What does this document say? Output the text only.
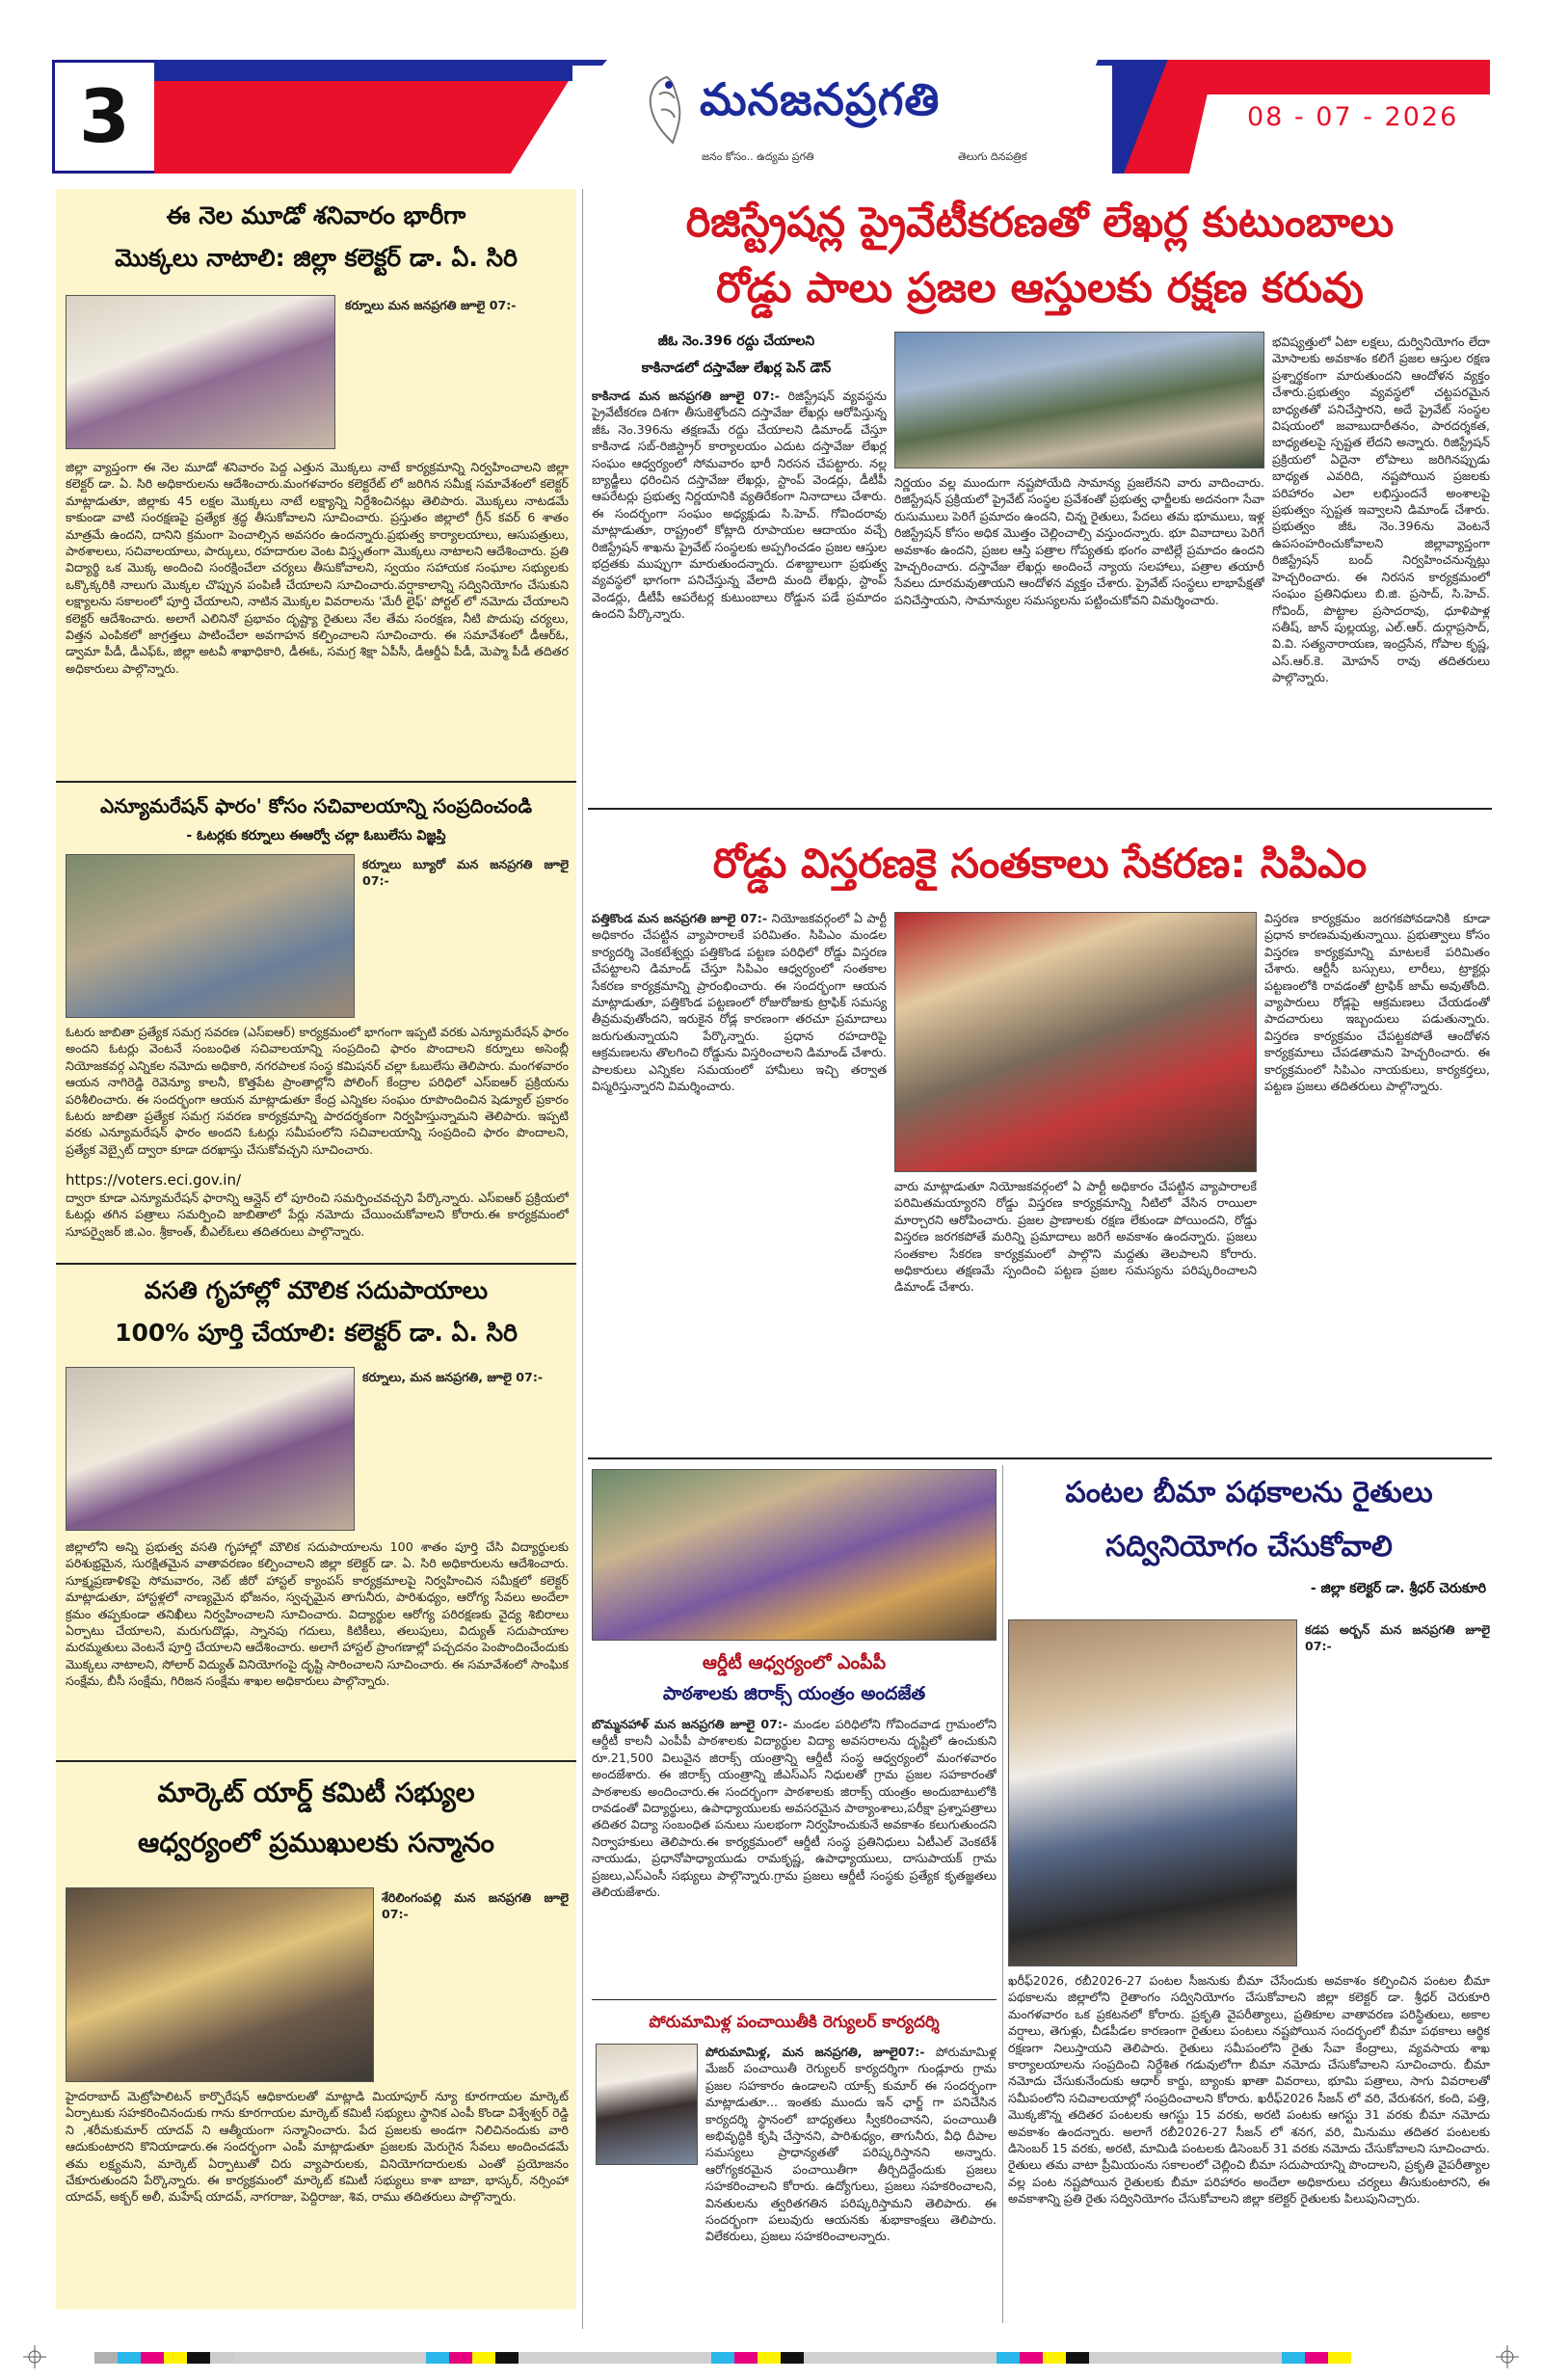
3	మనజనప్రగతి
జనం కోసం.. ఉద్యమ ప్రగతి	తెలుగు దినపత్రిక
08 - 07 - 2026
ఈ నెల మూడో శనివారం భారీగా
మొక్కలు నాటాలి: జిల్లా కలెక్టర్ డా. ఏ. సిరి
కర్నూలు మన జనప్రగతి జూలై 07:-
జిల్లా వ్యాప్తంగా ఈ నెల మూడో శనివారం పెద్ద ఎత్తున మొక్కలు నాటే కార్యక్రమాన్ని నిర్వహించాలని జిల్లా కలెక్టర్ డా. ఏ. సిరి అధికారులను ఆదేశించారు.మంగళవారం కలెక్టరేట్ లో జరిగిన సమీక్ష సమావేశంలో కలెక్టర్ మాట్లాడుతూ, జిల్లాకు 45 లక్షల మొక్కలు నాటే లక్ష్యాన్ని నిర్దేశించినట్లు తెలిపారు. మొక్కలు నాటడమే కాకుండా వాటి సంరక్షణపై ప్రత్యేక శ్రద్ధ తీసుకోవాలని సూచించారు. ప్రస్తుతం జిల్లాలో గ్రీన్ కవర్ 6 శాతం మాత్రమే ఉందని, దానిని క్రమంగా పెంచాల్సిన అవసరం ఉందన్నారు.ప్రభుత్వ కార్యాలయాలు, ఆసుపత్రులు, పాఠశాలలు, సచివాలయాలు, పార్కులు, రహదారుల వెంట విస్తృతంగా మొక్కలు నాటాలని ఆదేశించారు. ప్రతి విద్యార్థి ఒక మొక్క అందించి సంరక్షించేలా చర్యలు తీసుకోవాలని, స్వయం సహాయక సంఘాల సభ్యులకు ఒక్కొక్కరికి నాలుగు మొక్కల చొప్పున పంపిణీ చేయాలని సూచించారు.వర్షాకాలాన్ని సద్వినియోగం చేసుకుని లక్ష్యాలను సకాలంలో పూర్తి చేయాలని, నాటిన మొక్కల వివరాలను 'మేరీ లైఫ్' పోర్టల్ లో నమోదు చేయాలని కలెక్టర్ ఆదేశించారు. అలాగే ఎలినినో ప్రభావం దృష్ట్యా రైతులు నేల తేమ సంరక్షణ, నీటి పొదుపు చర్యలు, విత్తన ఎంపికలో జాగ్రత్తలు పాటించేలా అవగాహన కల్పించాలని సూచించారు. ఈ సమావేశంలో డీఆర్ఓ, డ్వామా పీడీ, డీఎఫ్ఓ, జిల్లా అటవీ శాఖాధికారి, డీఈఓ, సమగ్ర శిక్షా ఏపీసీ, డీఆర్డీఏ పీడీ, మెప్మా పీడీ తదితర అధికారులు పాల్గొన్నారు.
ఎన్యూమరేషన్ ఫారం' కోసం సచివాలయాన్ని సంప్రదించండి
- ఓటర్లకు కర్నూలు ఈఆర్వో చల్లా ఓబులేసు విజ్ఞప్తి
కర్నూలు బ్యూరో మన జనప్రగతి జూలై 07:-
ఓటరు జాబితా ప్రత్యేక సమగ్ర సవరణ (ఎస్ఐఆర్) కార్యక్రమంలో భాగంగా ఇప్పటి వరకు ఎన్యూమరేషన్ ఫారం అందని ఓటర్లు వెంటనే సంబంధిత సచివాలయాన్ని సంప్రదించి ఫారం పొందాలని కర్నూలు అసెంబ్లీ నియోజకవర్గ ఎన్నికల నమోదు అధికారి, నగరపాలక సంస్థ కమిషనర్ చల్లా ఓబులేసు తెలిపారు. మంగళవారం ఆయన నాగిరెడ్డి రెవెన్యూ కాలనీ, కొత్తపేట ప్రాంతాల్లోని పోలింగ్ కేంద్రాల పరిధిలో ఎస్ఐఆర్ ప్రక్రియను పరిశీలించారు. ఈ సందర్భంగా ఆయన మాట్లాడుతూ కేంద్ర ఎన్నికల సంఘం రూపొందించిన షెడ్యూల్ ప్రకారం ఓటరు జాబితా ప్రత్యేక సమగ్ర సవరణ కార్యక్రమాన్ని పారదర్శకంగా నిర్వహిస్తున్నామని తెలిపారు. ఇప్పటి వరకు ఎన్యూమరేషన్ ఫారం అందని ఓటర్లు సమీపంలోని సచివాలయాన్ని సంప్రదించి ఫారం పొందాలని, ప్రత్యేక వెబ్సైట్ ద్వారా కూడా దరఖాస్తు చేసుకోవచ్చని సూచించారు.
https://voters.eci.gov.in/
ద్వారా కూడా ఎన్యూమరేషన్ ఫారాన్ని ఆన్లైన్ లో పూరించి సమర్పించవచ్చని పేర్కొన్నారు. ఎస్ఐఆర్ ప్రక్రియలో ఓటర్లు తగిన పత్రాలు సమర్పించి జాబితాలో పేర్లు నమోదు చేయించుకోవాలని కోరారు.ఈ కార్యక్రమంలో సూపర్వైజర్ జి.ఎం. శ్రీకాంత్, బీఎల్ఓలు తదితరులు పాల్గొన్నారు.
వసతి గృహాల్లో మౌలిక సదుపాయాలు
100% పూర్తి చేయాలి: కలెక్టర్ డా. ఏ. సిరి
కర్నూలు, మన జనప్రగతి, జూలై 07:-
జిల్లాలోని అన్ని ప్రభుత్వ వసతి గృహాల్లో మౌలిక సదుపాయాలను 100 శాతం పూర్తి చేసి విద్యార్థులకు పరిశుభ్రమైన, సురక్షితమైన వాతావరణం కల్పించాలని జిల్లా కలెక్టర్ డా. ఏ. సిరి అధికారులను ఆదేశించారు. సూక్ష్మప్రణాళికపై సోమవారం, నెట్ జీరో హాస్టల్ క్యాంపస్ కార్యక్రమాలపై నిర్వహించిన సమీక్షలో కలెక్టర్ మాట్లాడుతూ, హాస్టళ్లలో నాణ్యమైన భోజనం, స్వచ్ఛమైన తాగునీరు, పారిశుధ్యం, ఆరోగ్య సేవలు అందేలా క్రమం తప్పకుండా తనిఖీలు నిర్వహించాలని సూచించారు. విద్యార్థుల ఆరోగ్య పరిరక్షణకు వైద్య శిబిరాలు ఏర్పాటు చేయాలని, మరుగుదొడ్లు, స్నానపు గదులు, కిటికీలు, తలుపులు, విద్యుత్ సదుపాయాల మరమ్మతులు వెంటనే పూర్తి చేయాలని ఆదేశించారు. అలాగే హాస్టల్ ప్రాంగణాల్లో పచ్చదనం పెంపొందించేందుకు మొక్కలు నాటాలని, సోలార్ విద్యుత్ వినియోగంపై దృష్టి సారించాలని సూచించారు. ఈ సమావేశంలో సాంఘిక సంక్షేమ, బీసీ సంక్షేమ, గిరిజన సంక్షేమ శాఖల అధికారులు పాల్గొన్నారు.
మార్కెట్ యార్డ్ కమిటీ సభ్యుల
ఆధ్వర్యంలో ప్రముఖులకు సన్మానం
శేరిలింగంపల్లి మన జనప్రగతి జూలై 07:-
హైదరాబాద్ మెట్రోపాలిటన్ కార్పొరేషన్ ఆధికారులతో మాట్లాడి మియాపూర్ న్యూ కూరగాయల మార్కెట్ ఏర్పాటుకు సహకరించినందుకు గాను కూరగాయల మార్కెట్ కమిటీ సభ్యులు స్థానిక ఎంపీ కొండా విశ్వేశ్వర్ రెడ్డి ని ,శరీమకుమార్ యాదవ్ ని ఆత్మీయంగా సన్మానించారు. పేద ప్రజలకు అండగా నిలిచినందుకు వారి ఆదుకుంటారని కొనియాడారు.ఈ సందర్భంగా ఎంపీ మాట్లాడుతూ ప్రజలకు మెరుగైన సేవలు అందించడమే తమ లక్ష్యమని, మార్కెట్ ఏర్పాటుతో చిరు వ్యాపారులకు, వినియోగదారులకు ఎంతో ప్రయోజనం చేకూరుతుందని పేర్కొన్నారు. ఈ కార్యక్రమంలో మార్కెట్ కమిటీ సభ్యులు కాశా బాబా, భాస్కర్, నర్సింహా యాదవ్, అక్బర్ అలీ, మహేష్ యాదవ్, నాగరాజు, పెద్దిరాజు, శివ, రాము తదితరులు పాల్గొన్నారు.
రిజిస్ట్రేషన్ల ప్రైవేటీకరణతో లేఖర్ల కుటుంబాలు
రోడ్డు పాలు ప్రజల ఆస్తులకు రక్షణ కరువు
జీఓ నెం.396 రద్దు చేయాలని
కాకినాడలో దస్తావేజు లేఖర్ల పెన్ డౌన్
కాకినాడ మన జనప్రగతి జూలై 07:- రిజిస్ట్రేషన్ వ్యవస్థను ప్రైవేటీకరణ దిశగా తీసుకెళ్తోందని దస్తావేజు లేఖర్లు ఆరోపిస్తున్న జీఓ నెం.396ను తక్షణమే రద్దు చేయాలని డిమాండ్ చేస్తూ కాకినాడ సబ్-రిజిస్ట్రార్ కార్యాలయం ఎదుట దస్తావేజు లేఖర్ల సంఘం ఆధ్వర్యంలో సోమవారం భారీ నిరసన చేపట్టారు. నల్ల బ్యాడ్జీలు ధరించిన దస్తావేజు లేఖర్లు, స్టాంప్ వెండర్లు, డీటీపీ ఆపరేటర్లు ప్రభుత్వ నిర్ణయానికి వ్యతిరేకంగా నినాదాలు చేశారు. ఈ సందర్భంగా సంఘం అధ్యక్షుడు సి.హెచ్. గోవిందరావు మాట్లాడుతూ, రాష్ట్రంలో కోట్లాది రూపాయల ఆదాయం వచ్చే రిజిస్ట్రేషన్ శాఖను ప్రైవేట్ సంస్థలకు అప్పగించడం ప్రజల ఆస్తుల భద్రతకు ముప్పుగా మారుతుందన్నారు. దశాబ్దాలుగా ప్రభుత్వ వ్యవస్థలో భాగంగా పనిచేస్తున్న వేలాది మంది లేఖర్లు, స్టాంప్ వెండర్లు, డీటీపీ ఆపరేటర్ల కుటుంబాలు రోడ్డున పడే ప్రమాదం ఉందని పేర్కొన్నారు.
నిర్ణయం వల్ల ముందుగా నష్టపోయేది సామాన్య ప్రజలేనని వారు వాదించారు. రిజిస్ట్రేషన్ ప్రక్రియలో ప్రైవేట్ సంస్థల ప్రవేశంతో ప్రభుత్వ ఛార్జీలకు అదనంగా సేవా రుసుములు పెరిగే ప్రమాదం ఉందని, చిన్న రైతులు, పేదలు తమ భూములు, ఇళ్ల రిజిస్ట్రేషన్ కోసం అధిక మొత్తం చెల్లించాల్సి వస్తుందన్నారు. భూ వివాదాలు పెరిగే అవకాశం ఉందని, ప్రజల ఆస్తి పత్రాల గోప్యతకు భంగం వాటిల్లే ప్రమాదం ఉందని హెచ్చరించారు. దస్తావేజు లేఖర్లు అందించే న్యాయ సలహాలు, పత్రాల తయారీ సేవలు దూరమవుతాయని ఆందోళన వ్యక్తం చేశారు. ప్రైవేట్ సంస్థలు లాభాపేక్షతో పనిచేస్తాయని, సామాన్యుల సమస్యలను పట్టించుకోవని విమర్శించారు.
భవిష్యత్తులో ఏటా లక్షలు, దుర్వినియోగం లేదా మోసాలకు అవకాశం కలిగే ప్రజల ఆస్తుల రక్షణ ప్రశ్నార్థకంగా మారుతుందని ఆందోళన వ్యక్తం చేశారు.ప్రభుత్వం వ్యవస్థలో చట్టపరమైన బాధ్యతతో పనిచేస్తారని, అదే ప్రైవేట్ సంస్థల విషయంలో జవాబుదారీతనం, పారదర్శకత, బాధ్యతలపై స్పష్టత లేదని అన్నారు. రిజిస్ట్రేషన్ ప్రక్రియలో ఏదైనా లోపాలు జరిగినప్పుడు బాధ్యత ఎవరిది, నష్టపోయిన ప్రజలకు పరిహారం ఎలా లభిస్తుందనే అంశాలపై ప్రభుత్వం స్పష్టత ఇవ్వాలని డిమాండ్ చేశారు. ప్రభుత్వం జీఓ నెం.396ను వెంటనే ఉపసంహరించుకోవాలని జిల్లావ్యాప్తంగా రిజిస్ట్రేషన్ బంద్ నిర్వహించనున్నట్లు హెచ్చరించారు. ఈ నిరసన కార్యక్రమంలో సంఘం ప్రతినిధులు బి.జి. ప్రసాద్, సి.హెచ్. గోవింద్, పొట్టాల ప్రసాదరావు, ధూళిపాళ్ల సతీష్, జాన్ పుల్లయ్య, ఎల్.ఆర్. దుర్గాప్రసాద్, వి.వి. సత్యనారాయణ, ఇంద్రసేన, గోపాల కృష్ణ, ఎస్.ఆర్.కె. మోహన్ రావు తదితరులు పాల్గొన్నారు.
రోడ్డు విస్తరణకై సంతకాలు సేకరణ: సిపిఎం
పత్తికొండ మన జనప్రగతి జూలై 07:- నియోజకవర్గంలో ఏ పార్టీ అధికారం చేపట్టిన వ్యాపారాలకే పరిమితం. సిపిఎం మండల కార్యదర్శి వెంకటేశ్వర్లు పత్తికొండ పట్టణ పరిధిలో రోడ్డు విస్తరణ చేపట్టాలని డిమాండ్ చేస్తూ సిపిఎం ఆధ్వర్యంలో సంతకాల సేకరణ కార్యక్రమాన్ని ప్రారంభించారు. ఈ సందర్భంగా ఆయన మాట్లాడుతూ, పత్తికొండ పట్టణంలో రోజురోజుకు ట్రాఫిక్ సమస్య తీవ్రమవుతోందని, ఇరుకైన రోడ్ల కారణంగా తరచూ ప్రమాదాలు జరుగుతున్నాయని పేర్కొన్నారు. ప్రధాన రహదారిపై ఆక్రమణలను తొలగించి రోడ్డును విస్తరించాలని డిమాండ్ చేశారు. పాలకులు ఎన్నికల సమయంలో హామీలు ఇచ్చి తర్వాత విస్మరిస్తున్నారని విమర్శించారు.
వారు మాట్లాడుతూ నియోజకవర్గంలో ఏ పార్టీ అధికారం చేపట్టిన వ్యాపారాలకే పరిమితమయ్యారని రోడ్డు విస్తరణ కార్యక్రమాన్ని నీటిలో వేసిన రాయిలా మార్చారని ఆరోపించారు. ప్రజల ప్రాణాలకు రక్షణ లేకుండా పోయిందని, రోడ్డు విస్తరణ జరగకపోతే మరిన్ని ప్రమాదాలు జరిగే అవకాశం ఉందన్నారు. ప్రజలు సంతకాల సేకరణ కార్యక్రమంలో పాల్గొని మద్దతు తెలపాలని కోరారు. అధికారులు తక్షణమే స్పందించి పట్టణ ప్రజల సమస్యను పరిష్కరించాలని డిమాండ్ చేశారు.
విస్తరణ కార్యక్రమం జరగకపోవడానికి కూడా ప్రధాన కారణమవుతున్నాయి. ప్రభుత్వాలు కోసం విస్తరణ కార్యక్రమాన్ని మాటలకే పరిమితం చేశారు. ఆర్టీసీ బస్సులు, లారీలు, ట్రాక్టర్లు పట్టణంలోకి రావడంతో ట్రాఫిక్ జామ్ అవుతోంది. వ్యాపారులు రోడ్లపై ఆక్రమణలు చేయడంతో పాదచారులు ఇబ్బందులు పడుతున్నారు. విస్తరణ కార్యక్రమం చేపట్టకపోతే ఆందోళన కార్యక్రమాలు చేపడతామని హెచ్చరించారు. ఈ కార్యక్రమంలో సిపిఎం నాయకులు, కార్యకర్తలు, పట్టణ ప్రజలు తదితరులు పాల్గొన్నారు.
ఆర్డీటీ ఆధ్వర్యంలో ఎంపీపీ
పాఠశాలకు జిరాక్స్ యంత్రం అందజేత
బొమ్మనహాళ్ మన జనప్రగతి జూలై 07:- మండల పరిధిలోని గోవిందవాడ గ్రామంలోని ఆర్డీటీ కాలనీ ఎంపీపీ పాఠశాలకు విద్యార్థుల విద్యా అవసరాలను దృష్టిలో ఉంచుకుని రూ.21,500 విలువైన జిరాక్స్ యంత్రాన్ని ఆర్డీటీ సంస్థ ఆధ్వర్యంలో మంగళవారం అందజేశారు. ఈ జిరాక్స్ యంత్రాన్ని జీఎస్ఎస్ నిధులతో గ్రామ ప్రజల సహకారంతో పాఠశాలకు అందించారు.ఈ సందర్భంగా పాఠశాలకు జిరాక్స్ యంత్రం అందుబాటులోకి రావడంతో విద్యార్థులు, ఉపాధ్యాయులకు అవసరమైన పాఠ్యాంశాలు,పరీక్షా ప్రశ్నాపత్రాలు తదితర విద్యా సంబంధిత పనులు సులభంగా నిర్వహించుకునే అవకాశం కలుగుతుందని నిర్వాహకులు తెలిపారు.ఈ కార్యక్రమంలో ఆర్డీటీ సంస్థ ప్రతినిధులు ఏటీఎల్ వెంకటేశ్ నాయుడు, ప్రధానోపాధ్యాయుడు రామకృష్ణ, ఉపాధ్యాయులు, దాసుపాయక్ గ్రామ ప్రజలు,ఎస్ఎంసీ సభ్యులు పాల్గొన్నారు.గ్రామ ప్రజలు ఆర్డీటీ సంస్థకు ప్రత్యేక కృతజ్ఞతలు తెలియజేశారు.
పోరుమామిళ్ల పంచాయితీకి రెగ్యులర్ కార్యదర్శి
పోరుమామిళ్ల, మన జనప్రగతి, జూలై07:- పోరుమామిళ్ల మేజర్ పంచాయితీ రెగ్యులర్ కార్యదర్శిగా గుండ్లూరు గ్రామ ప్రజల సహకారం ఉండాలని యాక్స్ కుమార్ ఈ సందర్భంగా మాట్లాడుతూ... ఇంతకు ముందు ఇన్ ఛార్జ్ గా పనిచేసిన కార్యదర్శి స్థానంలో బాధ్యతలు స్వీకరించానని, పంచాయితీ అభివృద్ధికి కృషి చేస్తానని, పారిశుధ్యం, తాగునీరు, వీధి దీపాల సమస్యలు ప్రాధాన్యతతో పరిష్కరిస్తానని అన్నారు. ఆరోగ్యకరమైన పంచాయితీగా తీర్చిదిద్దేందుకు ప్రజలు సహకరించాలని కోరారు. ఉద్యోగులు, ప్రజలు సహకరించాలని, వినతులను త్వరితగతిన పరిష్కరిస్తామని తెలిపారు. ఈ సందర్భంగా పలువురు ఆయనకు శుభాకాంక్షలు తెలిపారు. విలేకరులు, ప్రజలు సహకరించాలన్నారు.
పంటల బీమా పథకాలను రైతులు
సద్వినియోగం చేసుకోవాలి
- జిల్లా కలెక్టర్ డా. శ్రీధర్ చెరుకూరి
కడప అర్బన్ మన జనప్రగతి జూలై 07:-
ఖరీఫ్2026, రబీ2026-27 పంటల సీజనుకు బీమా చేసేందుకు అవకాశం కల్పించిన పంటల బీమా పథకాలను జిల్లాలోని రైతాంగం సద్వినియోగం చేసుకోవాలని జిల్లా కలెక్టర్ డా. శ్రీధర్ చెరుకూరి మంగళవారం ఒక ప్రకటనలో కోరారు. ప్రకృతి వైపరీత్యాలు, ప్రతికూల వాతావరణ పరిస్థితులు, అకాల వర్షాలు, తెగుళ్లు, చీడపీడల కారణంగా రైతులు పంటలు నష్టపోయిన సందర్భంలో బీమా పథకాలు ఆర్థిక రక్షణగా నిలుస్తాయని తెలిపారు. రైతులు సమీపంలోని రైతు సేవా కేంద్రాలు, వ్యవసాయ శాఖ కార్యాలయాలను సంప్రదించి నిర్దేశిత గడువులోగా బీమా నమోదు చేసుకోవాలని సూచించారు. బీమా నమోదు చేసుకునేందుకు ఆధార్ కార్డు, బ్యాంకు ఖాతా వివరాలు, భూమి పత్రాలు, సాగు వివరాలతో సమీపంలోని సచివాలయాల్లో సంప్రదించాలని కోరారు. ఖరీఫ్2026 సీజన్ లో వరి, వేరుశనగ, కంది, పత్తి, మొక్కజొన్న తదితర పంటలకు ఆగస్టు 15 వరకు, అరటి పంటకు ఆగస్టు 31 వరకు బీమా నమోదు అవకాశం ఉందన్నారు. అలాగే రబీ2026-27 సీజన్ లో శనగ, వరి, మినుము తదితర పంటలకు డిసెంబర్ 15 వరకు, అరటి, మామిడి పంటలకు డిసెంబర్ 31 వరకు నమోదు చేసుకోవాలని సూచించారు. రైతులు తమ వాటా ప్రీమియంను సకాలంలో చెల్లించి బీమా సదుపాయాన్ని పొందాలని, ప్రకృతి వైపరీత్యాల వల్ల పంట నష్టపోయిన రైతులకు బీమా పరిహారం అందేలా అధికారులు చర్యలు తీసుకుంటారని, ఈ అవకాశాన్ని ప్రతి రైతు సద్వినియోగం చేసుకోవాలని జిల్లా కలెక్టర్ రైతులకు పిలుపునిచ్చారు.
